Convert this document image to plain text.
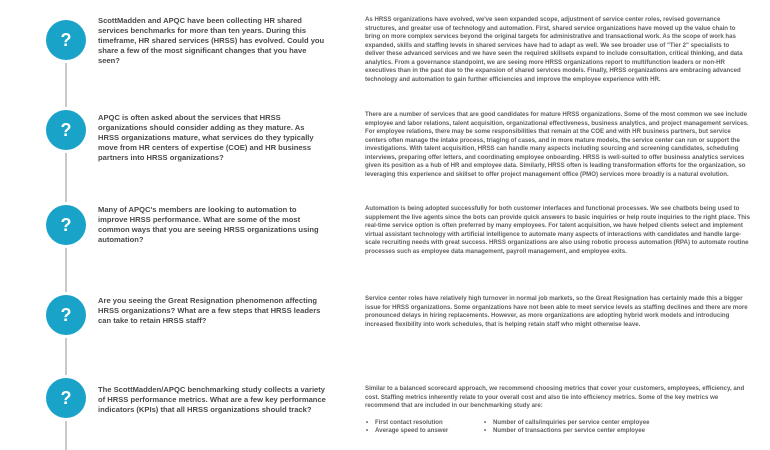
?
ScottMadden and APQC have been collecting HR shared services benchmarks for more than ten years. During this timeframe, HR shared services (HRSS) has evolved. Could you share a few of the most significant changes that you have seen?

As HRSS organizations have evolved, we've seen expanded scope, adjustment of service center roles, revised governance structures, and greater use of technology and automation. First, shared service organizations have moved up the value chain to bring on more complex services beyond the original targets for administrative and transactional work. As the scope of work has expanded, skills and staffing levels in shared services have had to adapt as well. We see broader use of "Tier 2" specialists to deliver these advanced services and we have seen the required skillsets expand to include consultation, critical thinking, and data analytics. From a governance standpoint, we are seeing more HRSS organizations report to multifunction leaders or non-HR executives than in the past due to the expansion of shared services models. Finally, HRSS organizations are embracing advanced technology and automation to gain further efficiencies and improve the employee experience with HR.

?
APQC is often asked about the services that HRSS organizations should consider adding as they mature. As HRSS organizations mature, what services do they typically move from HR centers of expertise (COE) and HR business partners into HRSS organizations?

There are a number of services that are good candidates for mature HRSS organizations. Some of the most common we see include employee and labor relations, talent acquisition, organizational effectiveness, business analytics, and project management services. For employee relations, there may be some responsibilities that remain at the COE and with HR business partners, but service centers often manage the intake process, triaging of cases, and in more mature models, the service center can run or support the investigations. With talent acquisition, HRSS can handle many aspects including sourcing and screening candidates, scheduling interviews, preparing offer letters, and coordinating employee onboarding. HRSS is well-suited to offer business analytics services given its position as a hub of HR and employee data. Similarly, HRSS often is leading transformation efforts for the organization, so leveraging this experience and skillset to offer project management office (PMO) services more broadly is a natural evolution.

?
Many of APQC's members are looking to automation to improve HRSS performance. What are some of the most common ways that you are seeing HRSS organizations using automation?

Automation is being adopted successfully for both customer interfaces and functional processes. We see chatbots being used to supplement the live agents since the bots can provide quick answers to basic inquiries or help route inquiries to the right place. This real-time service option is often preferred by many employees. For talent acquisition, we have helped clients select and implement virtual assistant technology with artificial intelligence to automate many aspects of interactions with candidates and handle large-scale recruiting needs with great success. HRSS organizations are also using robotic process automation (RPA) to automate routine processes such as employee data management, payroll management, and employee exits.

?
Are you seeing the Great Resignation phenomenon affecting HRSS organizations? What are a few steps that HRSS leaders can take to retain HRSS staff?

Service center roles have relatively high turnover in normal job markets, so the Great Resignation has certainly made this a bigger issue for HRSS organizations. Some organizations have not been able to meet service levels as staffing declines and there are more pronounced delays in hiring replacements. However, as more organizations are adopting hybrid work models and introducing increased flexibility into work schedules, that is helping retain staff who might otherwise leave.

?	The ScottMadden/APQC benchmarking study collects a variety of HRSS performance metrics. What are a few key performance indicators (KPIs) that all HRSS organizations should track?

Similar to a balanced scorecard approach, we recommend choosing metrics that cover your customers, employees, efficiency, and cost. Staffing metrics inherently relate to your overall cost and also tie into efficiency metrics. Some of the key metrics we recommend that are included in our benchmarking study are:

• First contact resolution
• Average speed to answer
• Number of calls/inquiries per service center employee
• Number of transactions per service center employee
